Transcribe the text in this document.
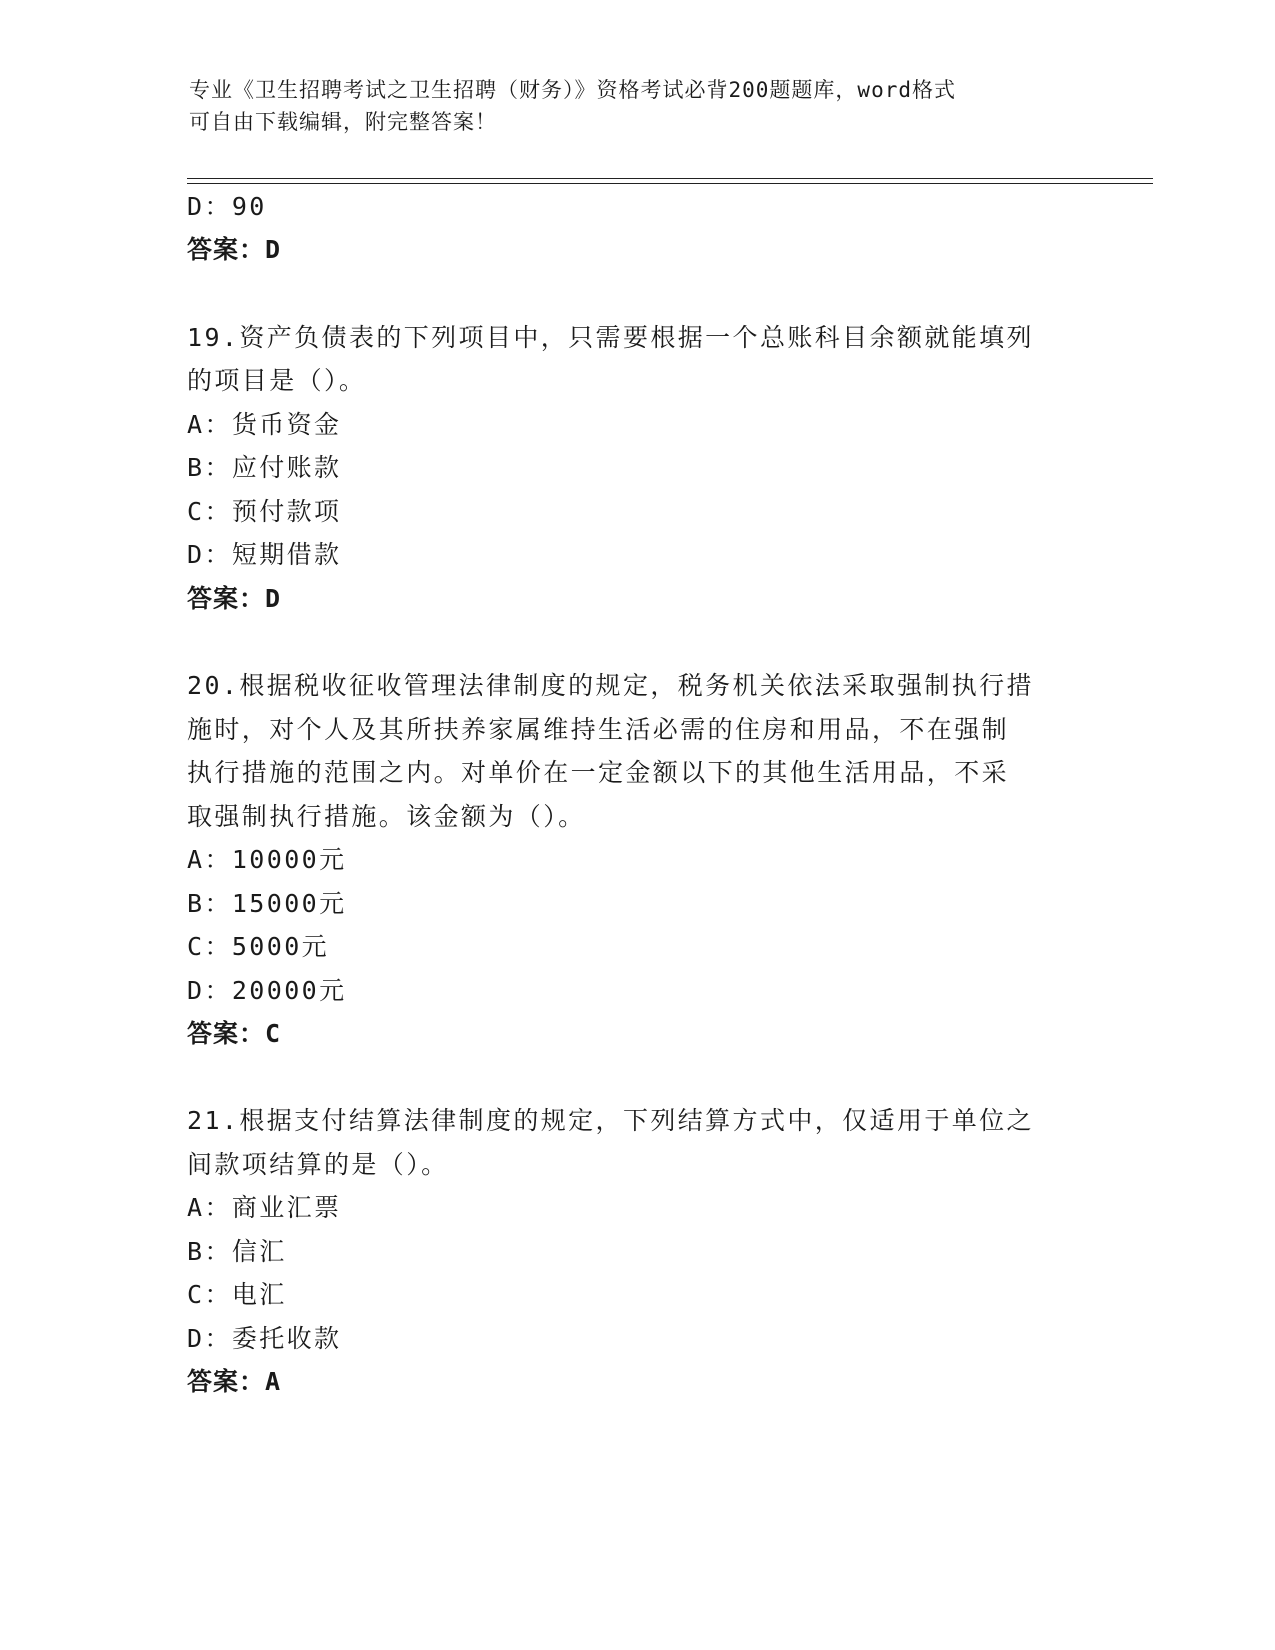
专业《卫生招聘考试之卫生招聘（财务）》资格考试必背200题题库，word格式
可自由下载编辑，附完整答案！
D：90
答案：D
19.资产负债表的下列项目中，只需要根据一个总账科目余额就能填列
的项目是（）。
A：货币资金
B：应付账款
C：预付款项
D：短期借款
答案：D
20.根据税收征收管理法律制度的规定，税务机关依法采取强制执行措
施时，对个人及其所扶养家属维持生活必需的住房和用品，不在强制
执行措施的范围之内。对单价在一定金额以下的其他生活用品，不采
取强制执行措施。该金额为（）。
A：10000元
B：15000元
C：5000元
D：20000元
答案：C
21.根据支付结算法律制度的规定，下列结算方式中，仅适用于单位之
间款项结算的是（）。
A：商业汇票
B：信汇
C：电汇
D：委托收款
答案：A
